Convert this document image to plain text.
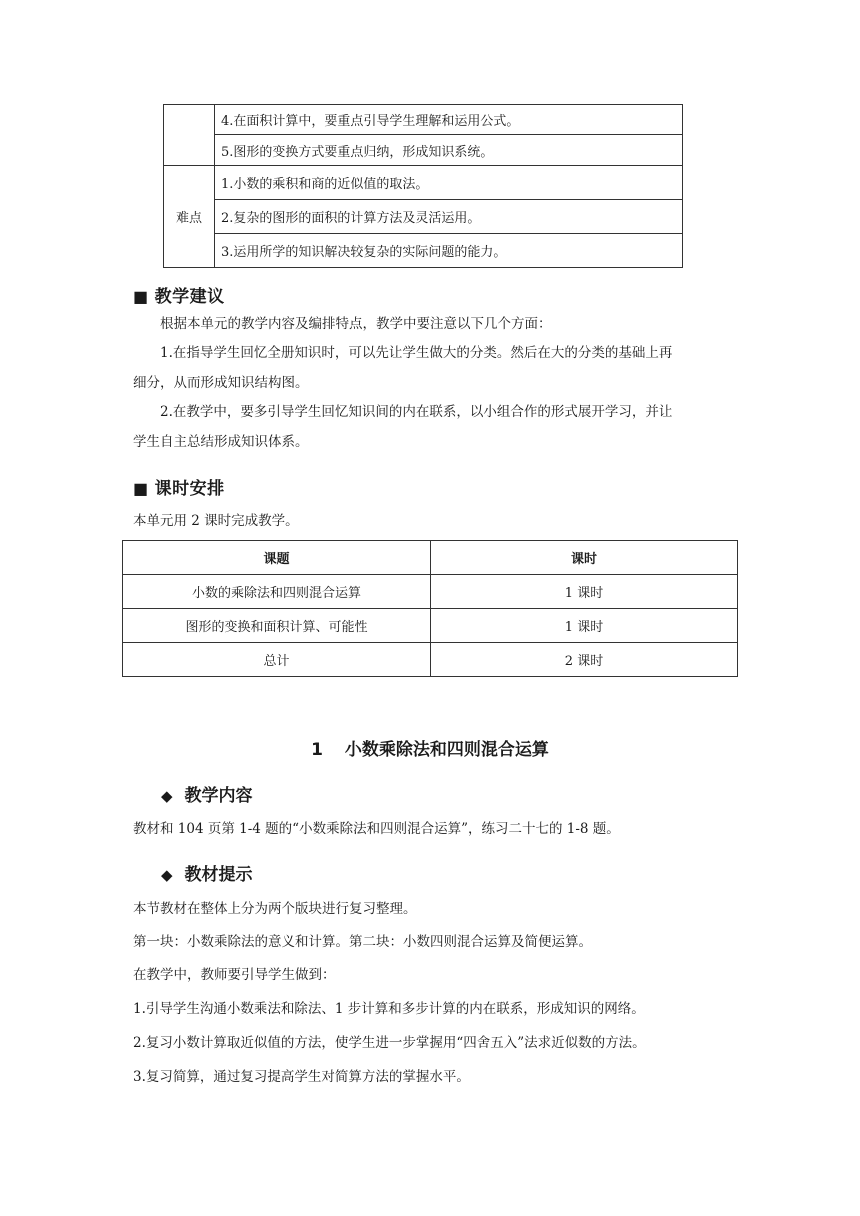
	4.在面积计算中，要重点引导学生理解和运用公式。
	5.图形的变换方式要重点归纳，形成知识系统。
难点	1.小数的乘积和商的近似值的取法。
	2.复杂的图形的面积的计算方法及灵活运用。
	3.运用所学的知识解决较复杂的实际问题的能力。
■ 教学建议
根据本单元的教学内容及编排特点，教学中要注意以下几个方面：
1.在指导学生回忆全册知识时，可以先让学生做大的分类。然后在大的分类的基础上再
细分，从而形成知识结构图。
2.在教学中，要多引导学生回忆知识间的内在联系，以小组合作的形式展开学习，并让
学生自主总结形成知识体系。
■ 课时安排
本单元用 2 课时完成教学。
课题	课时
小数的乘除法和四则混合运算	1 课时
图形的变换和面积计算、可能性	1 课时
总计	2 课时
1 小数乘除法和四则混合运算
◆ 教学内容
教材和 104 页第 1-4 题的“小数乘除法和四则混合运算”，练习二十七的 1-8 题。
◆ 教材提示
本节教材在整体上分为两个版块进行复习整理。
第一块：小数乘除法的意义和计算。第二块：小数四则混合运算及简便运算。
在教学中，教师要引导学生做到：
1.引导学生沟通小数乘法和除法、1 步计算和多步计算的内在联系，形成知识的网络。
2.复习小数计算取近似值的方法，使学生进一步掌握用“四舍五入”法求近似数的方法。
3.复习简算，通过复习提高学生对简算方法的掌握水平。
